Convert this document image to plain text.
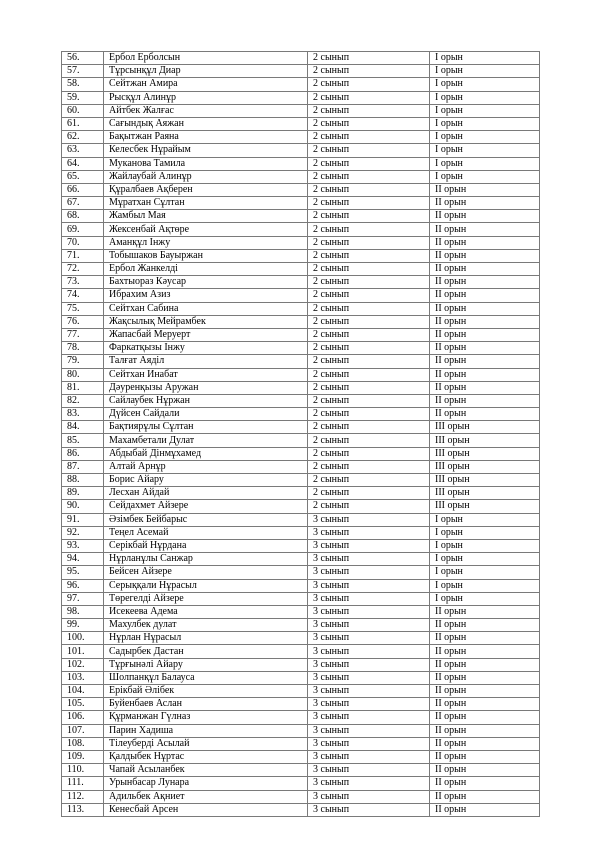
56.	Ербол Ерболсын	2 сынып	I орын
57.	Тұрсынқұл Диар	2 сынып	I орын
58.	Сейтжан Амира	2 сынып	I орын
59.	Рысқұл Алинұр	2 сынып	I орын
60.	Айтбек Жалғас	2 сынып	I орын
61.	Сағындық Аяжан	2 сынып	I орын
62.	Бақытжан Раяна	2 сынып	I орын
63.	Келесбек Нұрайым	2 сынып	I орын
64.	Муканова Тамила	2 сынып	I орын
65.	Жайлаубай Алинұр	2 сынып	I орын
66.	Құралбаев Ақберен	2 сынып	II орын
67.	Мұратхан Сұлтан	2 сынып	II орын
68.	Жамбыл Мая	2 сынып	II орын
69.	Жексенбай Ақтөре	2 сынып	II орын
70.	Аманқұл Інжу	2 сынып	II орын
71.	Тобышаков Бауыржан	2 сынып	II орын
72.	Ербол Жанкелді	2 сынып	II орын
73.	Бахтыораз Кәусар	2 сынып	II орын
74.	Ибрахим Азиз	2 сынып	II орын
75.	Сейтхан Сабина	2 сынып	II орын
76.	Жақсылық Мейрамбек	2 сынып	II орын
77.	Жапасбай Меруерт	2 сынып	II орын
78.	Фаркатқызы Інжу	2 сынып	II орын
79.	Талғат Аяділ	2 сынып	II орын
80.	Сейтхан Инабат	2 сынып	II орын
81.	Дәуренқызы Аружан	2 сынып	II орын
82.	Сайлаубек Нұржан	2 сынып	II орын
83.	Дүйсен Сайдали	2 сынып	II орын
84.	Бақтиярұлы Сұлтан	2 сынып	III орын
85.	Махамбетали Дулат	2 сынып	III орын
86.	Абдыбай Дінмұхамед	2 сынып	III орын
87.	Алтай Арнұр	2 сынып	III орын
88.	Борис Айару	2 сынып	III орын
89.	Лесхан Айдай	2 сынып	III орын
90.	Сейдахмет Айзере	2 сынып	III орын
91.	Әзімбек Бейбарыс	3 сынып	I орын
92.	Теңел Асемай	3 сынып	I орын
93.	Серікбай Нұрдана	3 сынып	I орын
94.	Нұрланұлы Санжар	3 сынып	I орын
95.	Бейсен Айзере	3 сынып	I орын
96.	Серыққали Нұрасыл	3 сынып	I орын
97.	Төрегелді Айзере	3 сынып	I орын
98.	Исекеева Адема	3 сынып	II орын
99.	Махулбек дулат	3 сынып	II орын
100.	Нұрлан Нұрасыл	3 сынып	II орын
101.	Садырбек Дастан	3 сынып	II орын
102.	Тұрғынәлі Айару	3 сынып	II орын
103.	Шолпанқұл Балауса	3 сынып	II орын
104.	Ерікбай Әлібек	3 сынып	II орын
105.	Буйенбаев Аслан	3 сынып	II орын
106.	Құрманжан Гүлназ	3 сынып	II орын
107.	Парин Хадиша	3 сынып	II орын
108.	Тілеуберді Асылай	3 сынып	II орын
109.	Қалдыбек Нұртас	3 сынып	II орын
110.	Чапай Асыланбек	3 сынып	II орын
111.	Урынбасар Лунара	3 сынып	II орын
112.	Адильбек Ақниет	3 сынып	II орын
113.	Кенесбай Арсен	3 сынып	II орын
